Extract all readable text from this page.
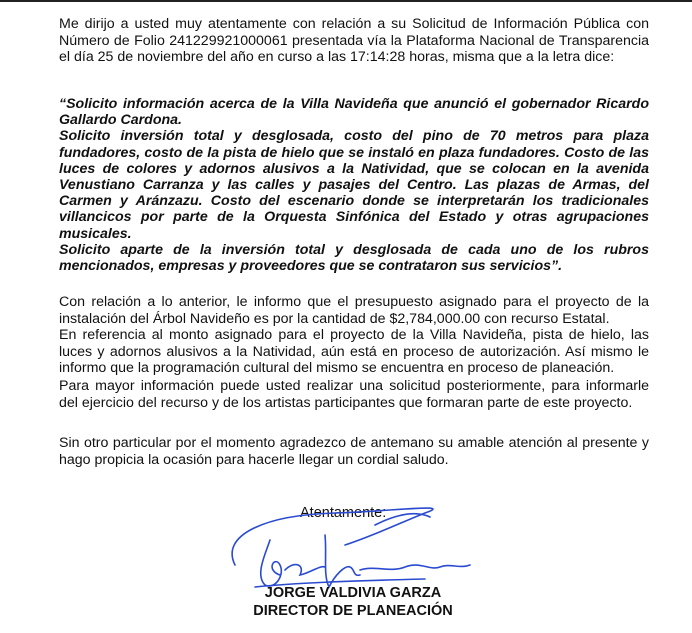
Me dirijo a usted muy atentamente con relación a su Solicitud de Información Pública con Número de Folio 241229921000061 presentada vía la Plataforma Nacional de Transparencia el día 25 de noviembre del año en curso a las 17:14:28 horas, misma que a la letra dice:

“Solicito información acerca de la Villa Navideña que anunció el gobernador Ricardo Gallardo Cardona.

Solicito inversión total y desglosada, costo del pino de 70 metros para plaza fundadores, costo de la pista de hielo que se instaló en plaza fundadores. Costo de las luces de colores y adornos alusivos a la Natividad, que se colocan en la avenida Venustiano Carranza y las calles y pasajes del Centro. Las plazas de Armas, del Carmen y Aránzazu. Costo del escenario donde se interpretarán los tradicionales villancicos por parte de la Orquesta Sinfónica del Estado y otras agrupaciones musicales.

Solicito aparte de la inversión total y desglosada de cada uno de los rubros mencionados, empresas y proveedores que se contrataron sus servicios”.

Con relación a lo anterior, le informo que el presupuesto asignado para el proyecto de la instalación del Árbol Navideño es por la cantidad de $2,784,000.00 con recurso Estatal.

En referencia al monto asignado para el proyecto de la Villa Navideña, pista de hielo, las luces y adornos alusivos a la Natividad, aún está en proceso de autorización. Así mismo le informo que la programación cultural del mismo se encuentra en proceso de planeación.

Para mayor información puede usted realizar una solicitud posteriormente, para informarle del ejercicio del recurso y de los artistas participantes que formaran parte de este proyecto.

Sin otro particular por el momento agradezco de antemano su amable atención al presente y hago propicia la ocasión para hacerle llegar un cordial saludo.

Atentamente:
JORGE VALDIVIA GARZA
DIRECTOR DE PLANEACIÓN
